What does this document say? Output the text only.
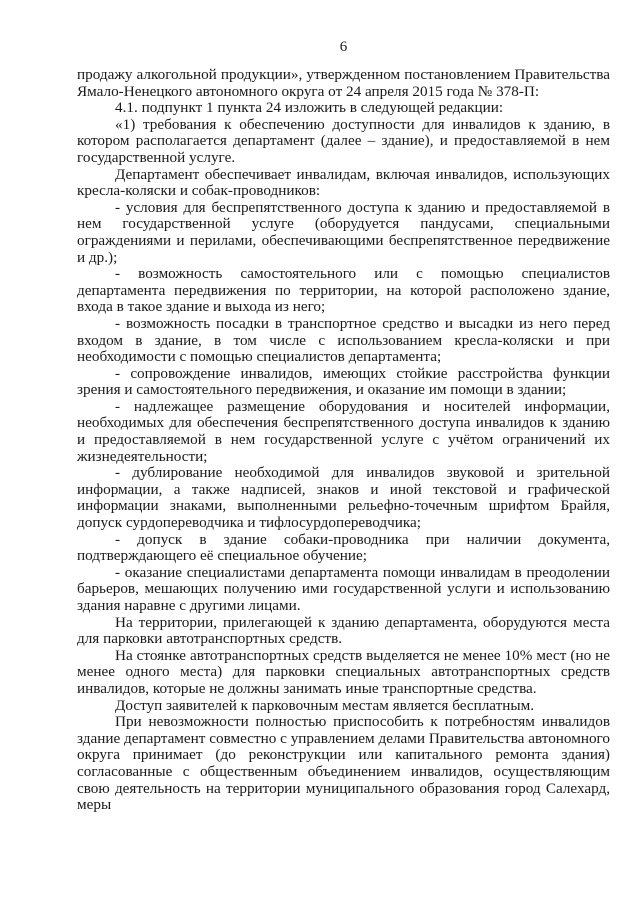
6

продажу алкогольной продукции», утвержденном постановлением Правительства Ямало-Ненецкого автономного округа от 24 апреля 2015 года № 378-П:

4.1. подпункт 1 пункта 24 изложить в следующей редакции:

«1) требования к обеспечению доступности для инвалидов к зданию, в котором располагается департамент (далее – здание), и предоставляемой в нем государственной услуге.

Департамент обеспечивает инвалидам, включая инвалидов, использующих кресла-коляски и собак-проводников:

- условия для беспрепятственного доступа к зданию и предоставляемой в нем государственной услуге (оборудуется пандусами, специальными ограждениями и перилами, обеспечивающими беспрепятственное передвижение и др.);

- возможность самостоятельного или с помощью специалистов департамента передвижения по территории, на которой расположено здание, входа в такое здание и выхода из него;

- возможность посадки в транспортное средство и высадки из него перед входом в здание, в том числе с использованием кресла-коляски и при необходимости с помощью специалистов департамента;

- сопровождение инвалидов, имеющих стойкие расстройства функции зрения и самостоятельного передвижения, и оказание им помощи в здании;

- надлежащее размещение оборудования и носителей информации, необходимых для обеспечения беспрепятственного доступа инвалидов к зданию и предоставляемой в нем государственной услуге с учётом ограничений их жизнедеятельности;

- дублирование необходимой для инвалидов звуковой и зрительной информации, а также надписей, знаков и иной текстовой и графической информации знаками, выполненными рельефно-точечным шрифтом Брайля, допуск сурдопереводчика и тифлосурдопереводчика;

- допуск в здание собаки-проводника при наличии документа, подтверждающего её специальное обучение;

- оказание специалистами департамента помощи инвалидам в преодолении барьеров, мешающих получению ими государственной услуги и использованию здания наравне с другими лицами.

На территории, прилегающей к зданию департамента, оборудуются места для парковки автотранспортных средств.

На стоянке автотранспортных средств выделяется не менее 10% мест (но не менее одного места) для парковки специальных автотранспортных средств инвалидов, которые не должны занимать иные транспортные средства.

Доступ заявителей к парковочным местам является бесплатным.

При невозможности полностью приспособить к потребностям инвалидов здание департамент совместно с управлением делами Правительства автономного округа принимает (до реконструкции или капитального ремонта здания) согласованные с общественным объединением инвалидов, осуществляющим свою деятельность на территории муниципального образования город Салехард, меры
